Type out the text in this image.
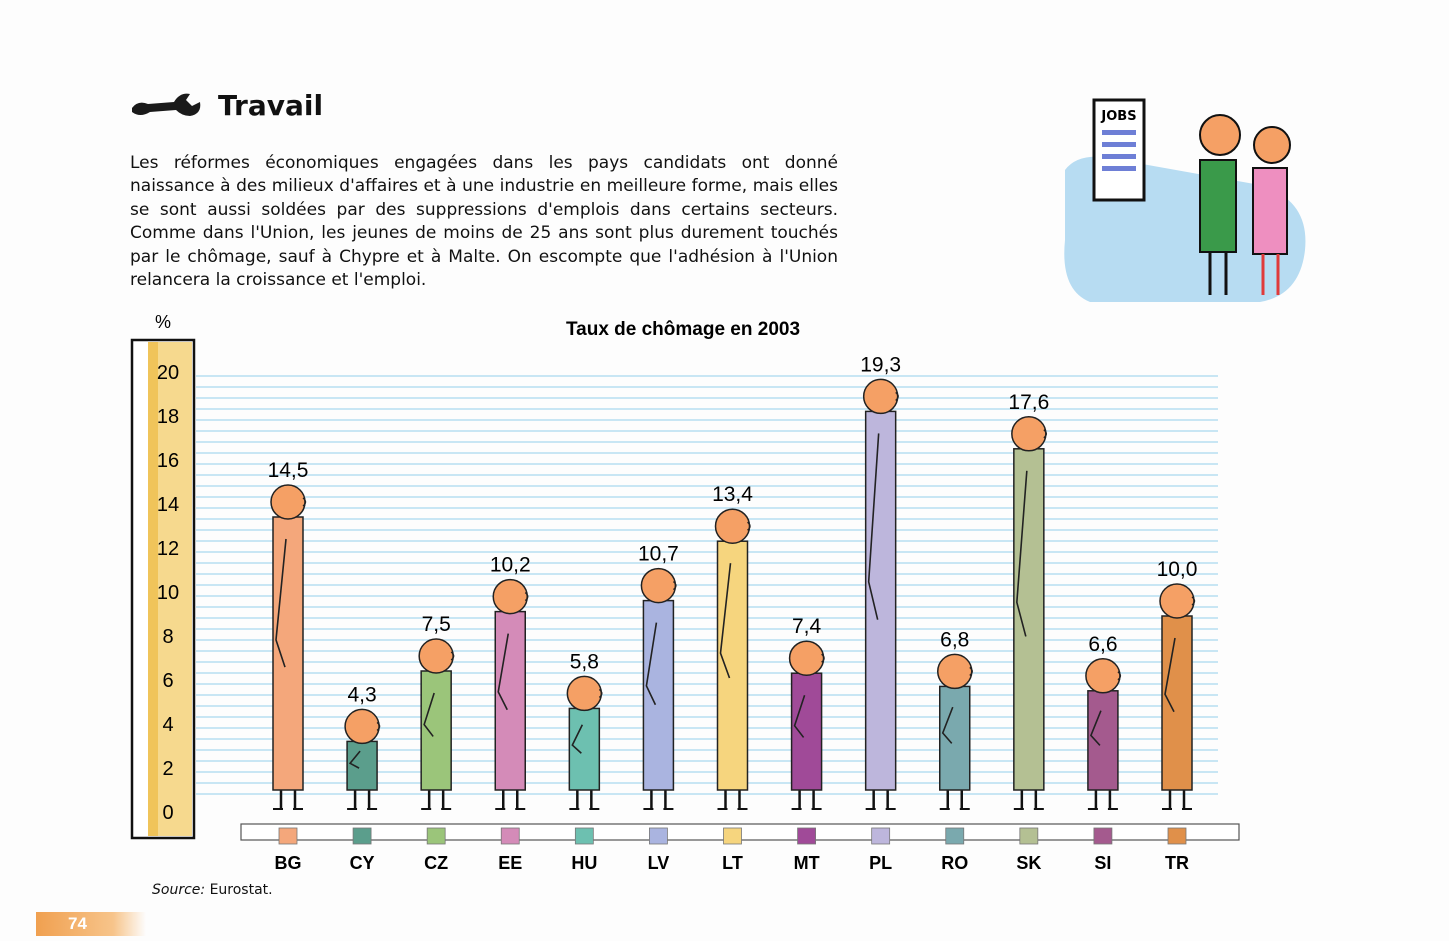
Travail
Les réformes économiques engagées dans les pays candidats ont donné naissance à des milieux d'affaires et à une industrie en meilleure forme, mais elles se sont aussi soldées par des suppressions d'emplois dans certains secteurs. Comme dans l'Union, les jeunes de moins de 25 ans sont plus durement touchés par le chômage, sauf à Chypre et à Malte. On escompte que l'adhésion à l'Union relancera la croissance et l'emploi.
JOBS
0
2
4
6
8
10
12
14
16
18
20
%	Taux de chômage en 2003
14,5
BG
4,3
CY
7,5
CZ
10,2
EE
5,8
HU
10,7
LV
13,4
LT
7,4
MT
19,3
PL
6,8
RO
17,6
SK
6,6
SI
10,0
TR
Source: Eurostat.
74
